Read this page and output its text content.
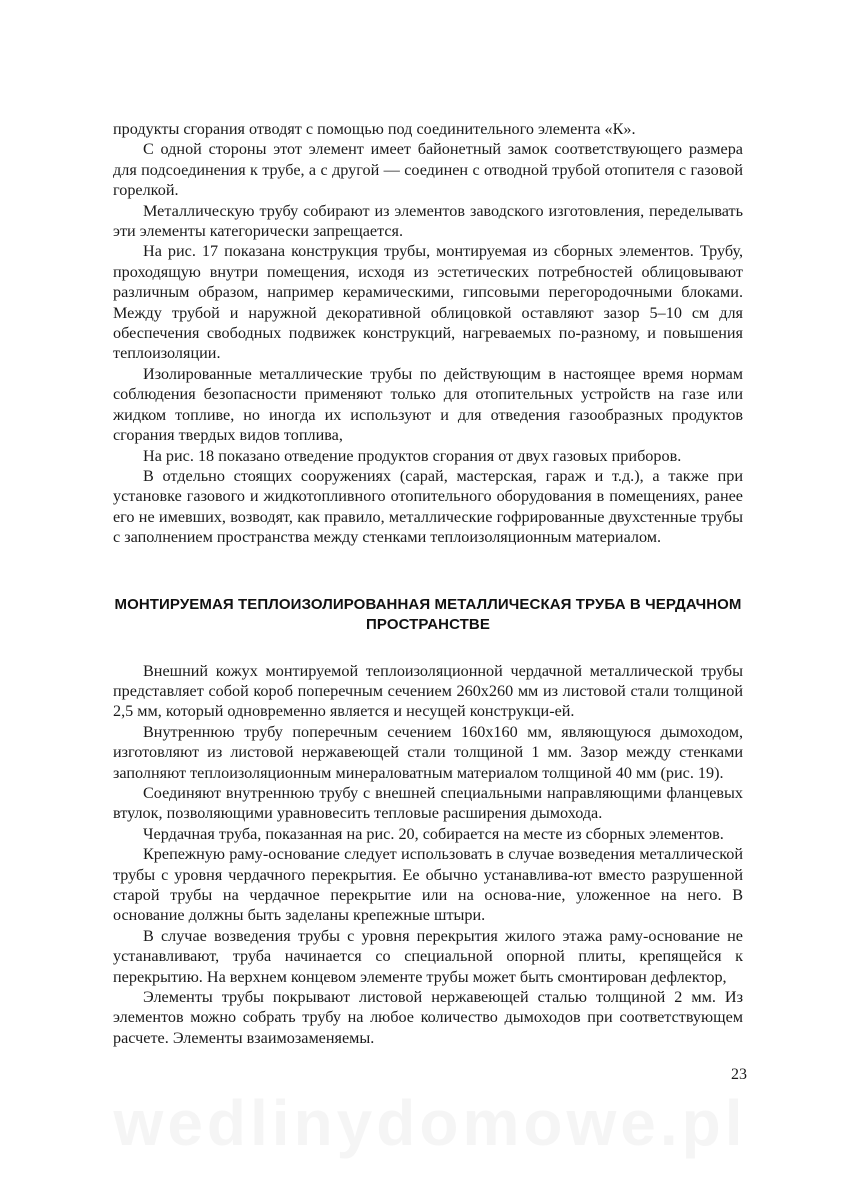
продукты сгорания отводят с помощью под соединительного элемента «К».

С одной стороны этот элемент имеет байонетный замок соответствующего размера для подсоединения к трубе, а с другой — соединен с отводной трубой отопителя с газовой горелкой.

Металлическую трубу собирают из элементов заводского изготовления, переделывать эти элементы категорически запрещается.

На рис. 17 показана конструкция трубы, монтируемая из сборных элементов. Трубу, проходящую внутри помещения, исходя из эстетических потребностей облицовывают различным образом, например керамическими, гипсовыми перегородочными блоками. Между трубой и наружной декоративной облицовкой оставляют зазор 5–10 см для обеспечения свободных подвижек конструкций, нагреваемых по-разному, и повышения теплоизоляции.

Изолированные металлические трубы по действующим в настоящее время нормам соблюдения безопасности применяют только для отопительных устройств на газе или жидком топливе, но иногда их используют и для отведения газообразных продуктов сгорания твердых видов топлива,

На рис. 18 показано отведение продуктов сгорания от двух газовых приборов.

В отдельно стоящих сооружениях (сарай, мастерская, гараж и т.д.), а также при установке газового и жидкотопливного отопительного оборудования в помещениях, ранее его не имевших, возводят, как правило, металлические гофрированные двухстенные трубы с заполнением пространства между стенками теплоизоляционным материалом.

МОНТИРУЕМАЯ ТЕПЛОИЗОЛИРОВАННАЯ МЕТАЛЛИЧЕСКАЯ ТРУБА В ЧЕРДАЧНОМ ПРОСТРАНСТВЕ

Внешний кожух монтируемой теплоизоляционной чердачной металлической трубы представляет собой короб поперечным сечением 260х260 мм из листовой стали толщиной 2,5 мм, который одновременно является и несущей конструкци-ей.

Внутреннюю трубу поперечным сечением 160х160 мм, являющуюся дымоходом, изготовляют из листовой нержавеющей стали толщиной 1 мм. Зазор между стенками заполняют теплоизоляционным минераловатным материалом толщиной 40 мм (рис. 19).

Соединяют внутреннюю трубу с внешней специальными направляющими фланцевых втулок, позволяющими уравновесить тепловые расширения дымохода.

Чердачная труба, показанная на рис. 20, собирается на месте из сборных элементов.

Крепежную раму-основание следует использовать в случае возведения металлической трубы с уровня чердачного перекрытия. Ее обычно устанавлива-ют вместо разрушенной старой трубы на чердачное перекрытие или на основа-ние, уложенное на него. В основание должны быть заделаны крепежные штыри.

В случае возведения трубы с уровня перекрытия жилого этажа раму-основание не устанавливают, труба начинается со специальной опорной плиты, крепящейся к перекрытию. На верхнем концевом элементе трубы может быть смонтирован дефлектор,

Элементы трубы покрывают листовой нержавеющей сталью толщиной 2 мм. Из элементов можно собрать трубу на любое количество дымоходов при соответствующем расчете. Элементы взаимозаменяемы.

23
wedlinydomowe.pl
